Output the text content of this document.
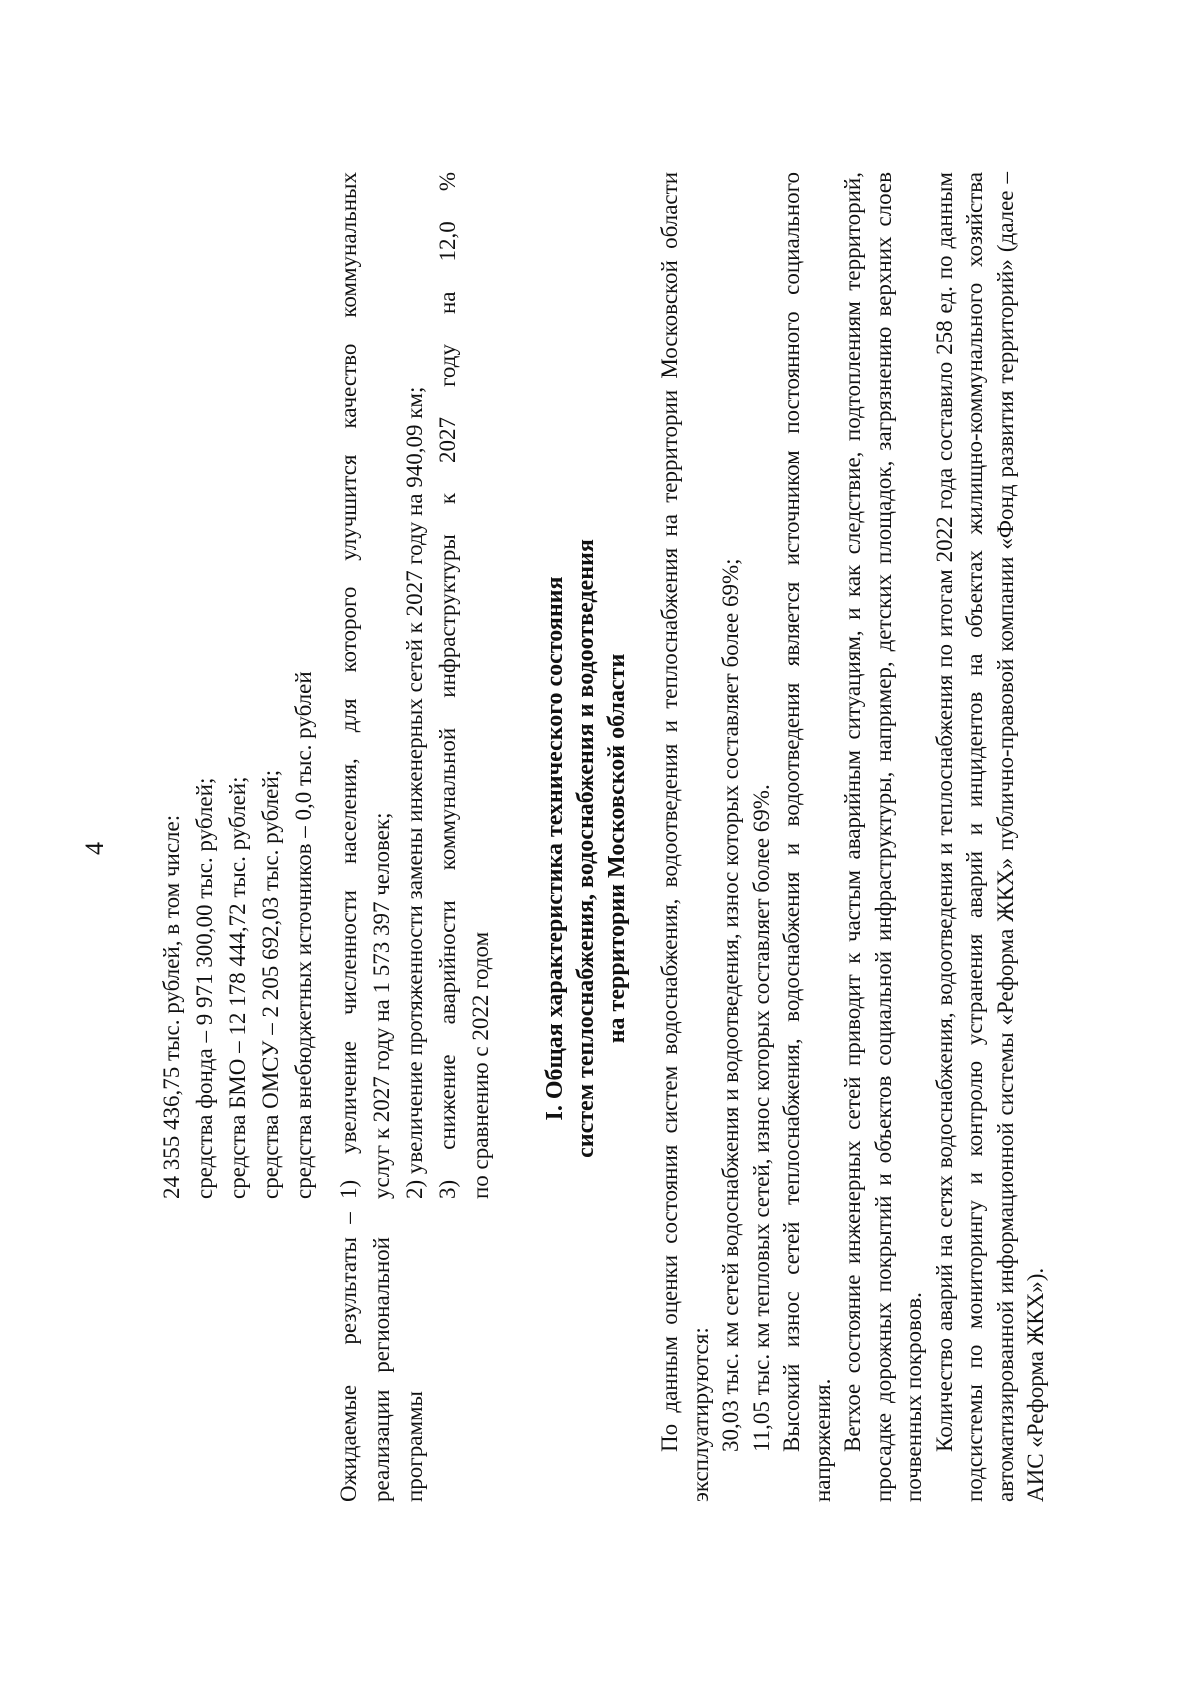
4 24 355 436,75 тыс. рублей, в том числе: средства фонда – 9 971 300,00 тыс. рублей; средства БМО – 12 178 444,72 тыс. рублей; средства ОМСУ – 2 205 692,03 тыс. рублей; средства внебюджетных источников – 0,0 тыс. рублей
Ожидаемые результаты реализации региональной программы
–
1) увеличение численности населения, для которого улучшится качество коммунальных услуг к 2027 году на 1 573 397 человек; 2) увеличение протяженности замены инженерных сетей к 2027 году на 940,09 км; 3) снижение аварийности коммунальной инфраструктуры к 2027 году на 12,0 % по сравнению с 2022 годом I. Общая характеристика технического состояния систем теплоснабжения, водоснабжения и водоотведения на территории Московской области По данным оценки состояния систем водоснабжения, водоотведения и теплоснабжения на территории Московской области эксплуатируются: 30,03 тыс. км сетей водоснабжения и водоотведения, износ которых составляет более 69%; 11,05 тыс. км тепловых сетей, износ которых составляет более 69%. Высокий износ сетей теплоснабжения, водоснабжения и водоотведения является источником постоянного социального напряжения. Ветхое состояние инженерных сетей приводит к частым аварийным ситуациям, и как следствие, подтоплениям территорий, просадке дорожных покрытий и объектов социальной инфраструктуры, например, детских площадок, загрязнению верхних слоев почвенных покровов. Количество аварий на сетях водоснабжения, водоотведения и теплоснабжения по итогам 2022 года составило 258 ед. по данным подсистемы по мониторингу и контролю устранения аварий и инцидентов на объектах жилищно-коммунального хозяйства автоматизированной информационной системы «Реформа ЖКХ» публично-правовой компании «Фонд развития территорий» (далее – АИС «Реформа ЖКХ»).
